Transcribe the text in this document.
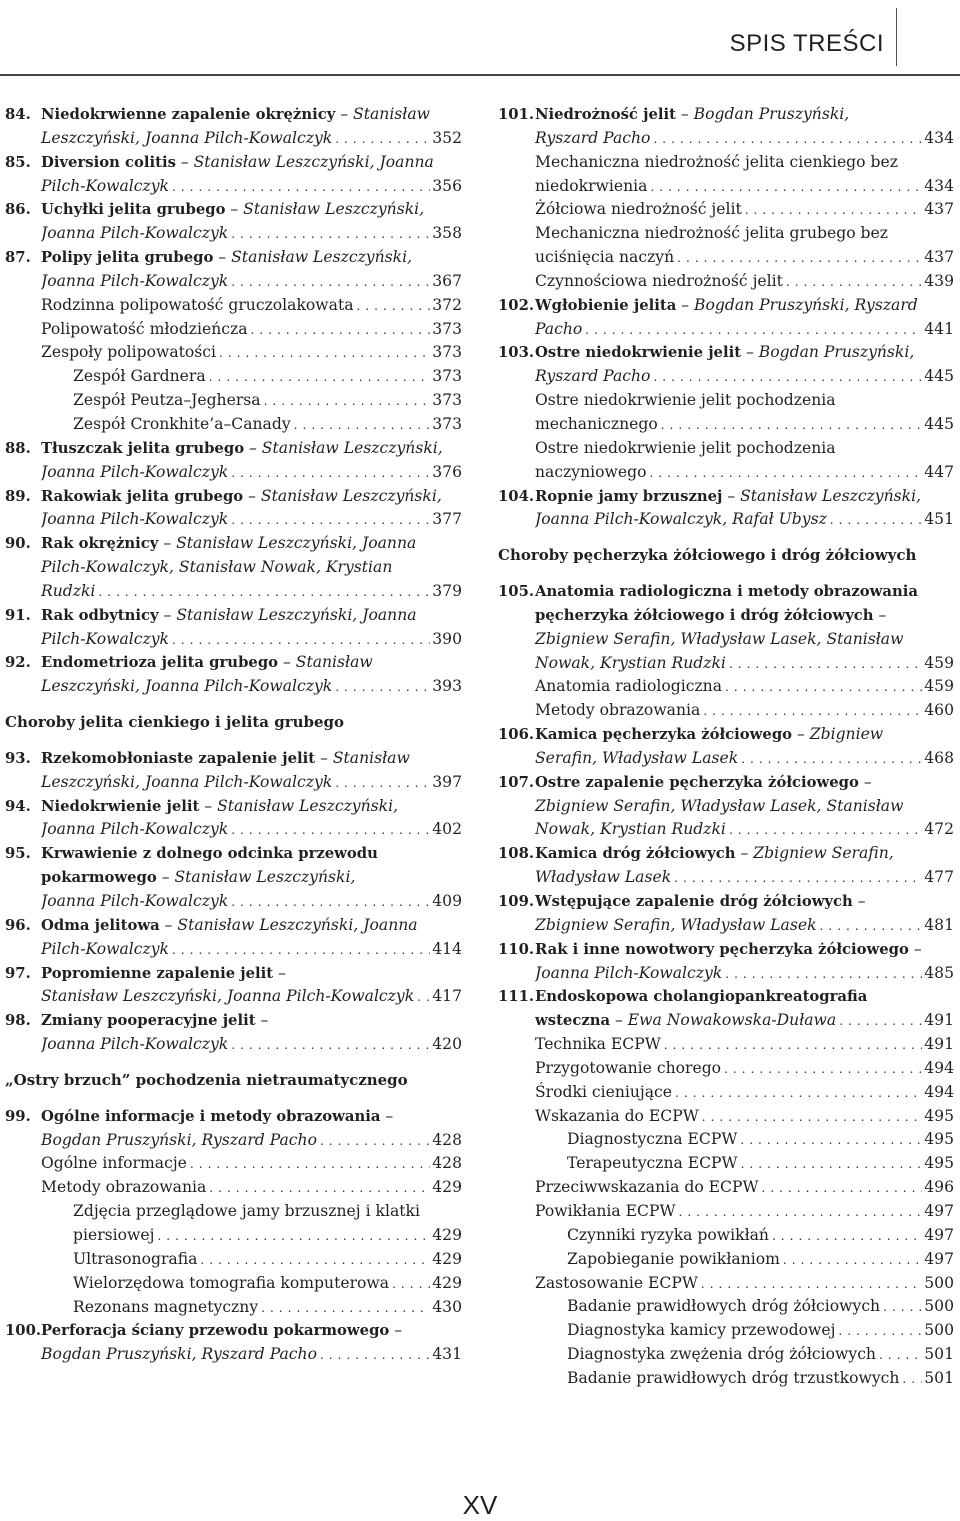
SPIS TREŚCI
84. Niedokrwienne zapalenie okrężnicy – Stanisław
Leszczyński, Joanna Pilch-Kowalczyk . . .	352
85. Diversion colitis – Stanisław Leszczyński, Joanna
Pilch-Kowalczyk . . .	356
86. Uchyłki jelita grubego – Stanisław Leszczyński,
Joanna Pilch-Kowalczyk . . .	358
87. Polipy jelita grubego – Stanisław Leszczyński,
Joanna Pilch-Kowalczyk . . .	367
Rodzinna polipowatość gruczolakowata . . .	372
Polipowatość młodzieńcza . . .	373
Zespoły polipowatości . . .	373
Zespół Gardnera . . .	373
Zespół Peutza–Jeghersa . . .	373
Zespół Cronkhite’a–Canady . . .	373
88. Tłuszczak jelita grubego – Stanisław Leszczyński,
Joanna Pilch-Kowalczyk . . .	376
89. Rakowiak jelita grubego – Stanisław Leszczyński,
Joanna Pilch-Kowalczyk . . .	377
90. Rak okrężnicy – Stanisław Leszczyński, Joanna
Pilch-Kowalczyk, Stanisław Nowak, Krystian
Rudzki . . .	379
91. Rak odbytnicy – Stanisław Leszczyński, Joanna
Pilch-Kowalczyk . . .	390
92. Endometrioza jelita grubego – Stanisław
Leszczyński, Joanna Pilch-Kowalczyk . . .	393
Choroby jelita cienkiego i jelita grubego
93. Rzekomobłoniaste zapalenie jelit – Stanisław
Leszczyński, Joanna Pilch-Kowalczyk . . .	397
94. Niedokrwienie jelit – Stanisław Leszczyński,
Joanna Pilch-Kowalczyk . . .	402
95. Krwawienie z dolnego odcinka przewodu
pokarmowego – Stanisław Leszczyński,
Joanna Pilch-Kowalczyk . . .	409
96. Odma jelitowa – Stanisław Leszczyński, Joanna
Pilch-Kowalczyk . . .	414
97. Popromienne zapalenie jelit –
Stanisław Leszczyński, Joanna Pilch-Kowalczyk . . . 417
98. Zmiany pooperacyjne jelit –
Joanna Pilch-Kowalczyk . . .	420
„Ostry brzuch” pochodzenia nietraumatycznego
99. Ogólne informacje i metody obrazowania –
Bogdan Pruszyński, Ryszard Pacho . . .	428
Ogólne informacje . . .	428
Metody obrazowania . . .	429
Zdjęcia przeglądowe jamy brzusznej i klatki
piersiowej . . .	429
Ultrasonografia . . .	429
Wielorzędowa tomografia komputerowa . . .	429
Rezonans magnetyczny . . .	430
100. Perforacja ściany przewodu pokarmowego –
Bogdan Pruszyński, Ryszard Pacho . . .	431
101. Niedrożność jelit – Bogdan Pruszyński,
Ryszard Pacho . . .	434
Mechaniczna niedrożność jelita cienkiego bez
niedokrwienia . . .	434
Żółciowa niedrożność jelit . . .	437
Mechaniczna niedrożność jelita grubego bez
uciśnięcia naczyń . . .	437
Czynnościowa niedrożność jelit . . .	439
102. Wgłobienie jelita – Bogdan Pruszyński, Ryszard
Pacho . . .	441
103. Ostre niedokrwienie jelit – Bogdan Pruszyński,
Ryszard Pacho . . .	445
Ostre niedokrwienie jelit pochodzenia
mechanicznego . . .	445
Ostre niedokrwienie jelit pochodzenia
naczyniowego . . .	447
104. Ropnie jamy brzusznej – Stanisław Leszczyński,
Joanna Pilch-Kowalczyk, Rafał Ubysz . . .	451
Choroby pęcherzyka żółciowego i dróg żółciowych
105. Anatomia radiologiczna i metody obrazowania
pęcherzyka żółciowego i dróg żółciowych –
Zbigniew Serafin, Władysław Lasek, Stanisław
Nowak, Krystian Rudzki . . .	459
Anatomia radiologiczna . . .	459
Metody obrazowania . . .	460
106. Kamica pęcherzyka żółciowego – Zbigniew
Serafin, Władysław Lasek . . .	468
107. Ostre zapalenie pęcherzyka żółciowego –
Zbigniew Serafin, Władysław Lasek, Stanisław
Nowak, Krystian Rudzki . . .	472
108. Kamica dróg żółciowych – Zbigniew Serafin,
Władysław Lasek . . .	477
109. Wstępujące zapalenie dróg żółciowych –
Zbigniew Serafin, Władysław Lasek . . .	481
110. Rak i inne nowotwory pęcherzyka żółciowego –
Joanna Pilch-Kowalczyk . . .	485
111. Endoskopowa cholangiopankreatografia
wsteczna – Ewa Nowakowska-Duława . . .	491
Technika ECPW . . .	491
Przygotowanie chorego . . .	494
Środki cieniujące . . .	494
Wskazania do ECPW . . .	495
Diagnostyczna ECPW . . .	495
Terapeutyczna ECPW . . .	495
Przeciwwskazania do ECPW . . .	496
Powikłania ECPW . . .	497
Czynniki ryzyka powikłań . . .	497
Zapobieganie powikłaniom . . .	497
Zastosowanie ECPW . . .	500
Badanie prawidłowych dróg żółciowych . . .	500
Diagnostyka kamicy przewodowej . . .	500
Diagnostyka zwężenia dróg żółciowych . . .	501
Badanie prawidłowych dróg trzustkowych . . . 501
XV
